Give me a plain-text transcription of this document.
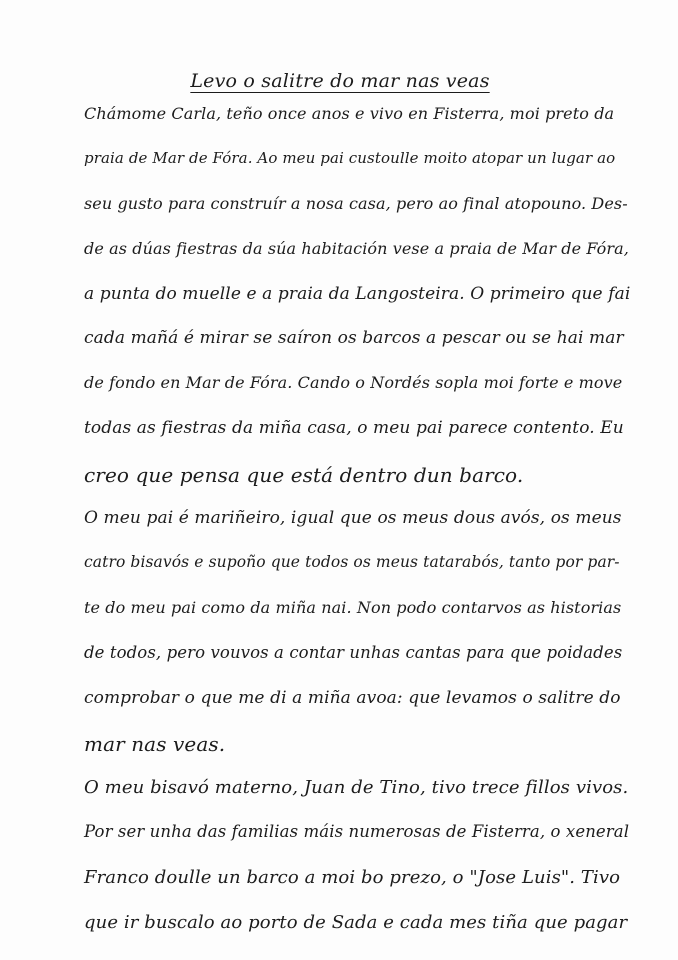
Levo o salitre do mar nas veas
Chámome Carla, teño once anos e vivo en Fisterra, moi preto da
praia de Mar de Fóra. Ao meu pai custoulle moito atopar un lugar ao
seu gusto para construír a nosa casa, pero ao final atopouno. Des-
de as dúas fiestras da súa habitación vese a praia de Mar de Fóra,
a punta do muelle e a praia da Langosteira. O primeiro que fai
cada mañá é mirar se saíron os barcos a pescar ou se hai mar
de fondo en Mar de Fóra. Cando o Nordés sopla moi forte e move
todas as fiestras da miña casa, o meu pai parece contento. Eu
creo que pensa que está dentro dun barco.
O meu pai é mariñeiro, igual que os meus dous avós, os meus
catro bisavós e supoño que todos os meus tatarabós, tanto por par-
te do meu pai como da miña nai. Non podo contarvos as historias
de todos, pero vouvos a contar unhas cantas para que poidades
comprobar o que me di a miña avoa: que levamos o salitre do
mar nas veas.
O meu bisavó materno, Juan de Tino, tivo trece fillos vivos.
Por ser unha das familias máis numerosas de Fisterra, o xeneral
Franco doulle un barco a moi bo prezo, o "Jose Luis". Tivo
que ir buscalo ao porto de Sada e cada mes tiña que pagar
